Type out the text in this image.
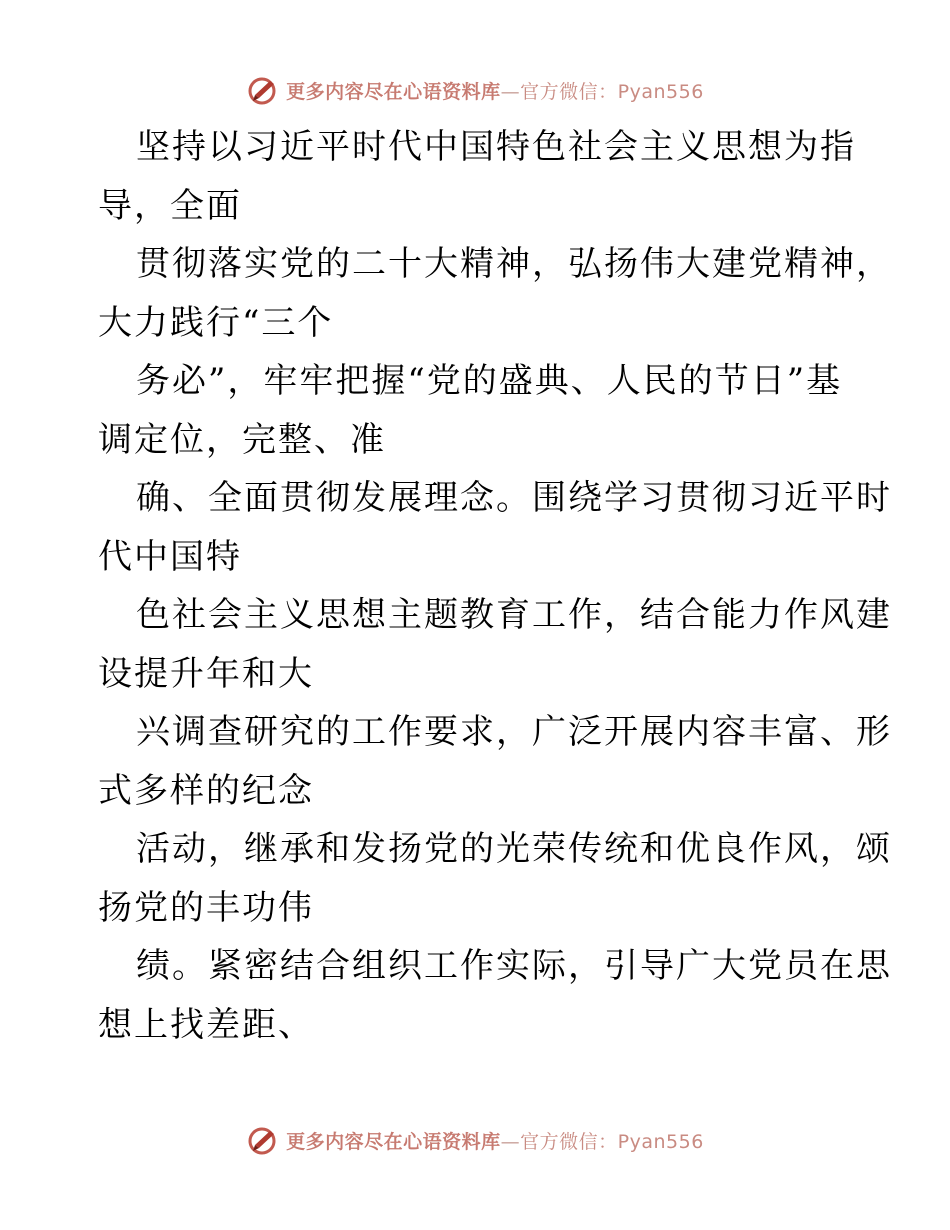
更多内容尽在心语资料库—官方微信：Pyan556

坚持以习近平时代中国特色社会主义思想为指

导，全面

贯彻落实党的二十大精神，弘扬伟大建党精神，

大力践行“三个

务必”，牢牢把握“党的盛典、人民的节日”基

调定位，完整、准

确、全面贯彻发展理念。围绕学习贯彻习近平时

代中国特

色社会主义思想主题教育工作，结合能力作风建

设提升年和大

兴调查研究的工作要求，广泛开展内容丰富、形

式多样的纪念

活动，继承和发扬党的光荣传统和优良作风，颂

扬党的丰功伟

绩。紧密结合组织工作实际，引导广大党员在思

想上找差距、

更多内容尽在心语资料库—官方微信：Pyan556
